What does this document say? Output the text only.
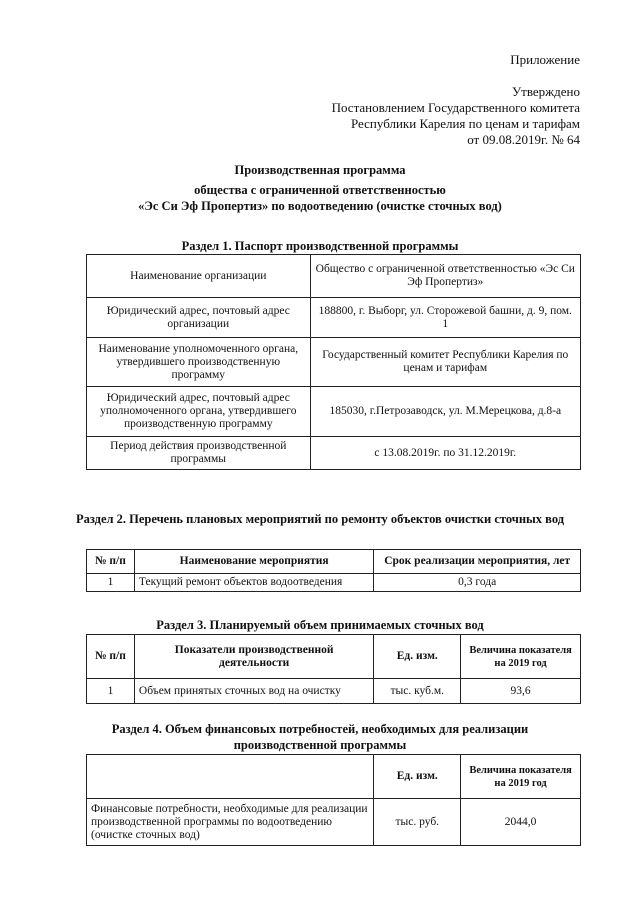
Приложение
Утверждено
Постановлением Государственного комитета
Республики Карелия по ценам и тарифам
от 09.08.2019г. № 64
Производственная программа
общества с ограниченной ответственностью
«Эс Си Эф Пропертиз» по водоотведению (очистке сточных вод)
Раздел 1. Паспорт производственной программы
Наименование организации	Общество с ограниченной ответственностью «Эс Си Эф Пропертиз»
Юридический адрес, почтовый адрес организации	188800, г. Выборг, ул. Сторожевой башни, д. 9, пом. 1
Наименование уполномоченного органа, утвердившего производственную программу	Государственный комитет Республики Карелия по ценам и тарифам
Юридический адрес, почтовый адрес уполномоченного органа, утвердившего производственную программу	185030, г.Петрозаводск, ул. М.Мерецкова, д.8-а
Период действия производственной программы	с 13.08.2019г. по 31.12.2019г.
Раздел 2. Перечень плановых мероприятий по ремонту объектов очистки сточных вод
№ п/п	Наименование мероприятия	Срок реализации мероприятия, лет
1	Текущий ремонт объектов водоотведения	0,3 года
Раздел 3. Планируемый объем принимаемых сточных вод
№ п/п	Показатели производственной деятельности	Ед. изм.	Величина показателя на 2019 год
1	Объем принятых сточных вод на очистку	тыс. куб.м.	93,6
Раздел 4. Объем финансовых потребностей, необходимых для реализации
производственной программы
	Ед. изм.	Величина показателя на 2019 год
Финансовые потребности, необходимые для реализации производственной программы по водоотведению (очистке сточных вод)	тыс. руб.	2044,0
